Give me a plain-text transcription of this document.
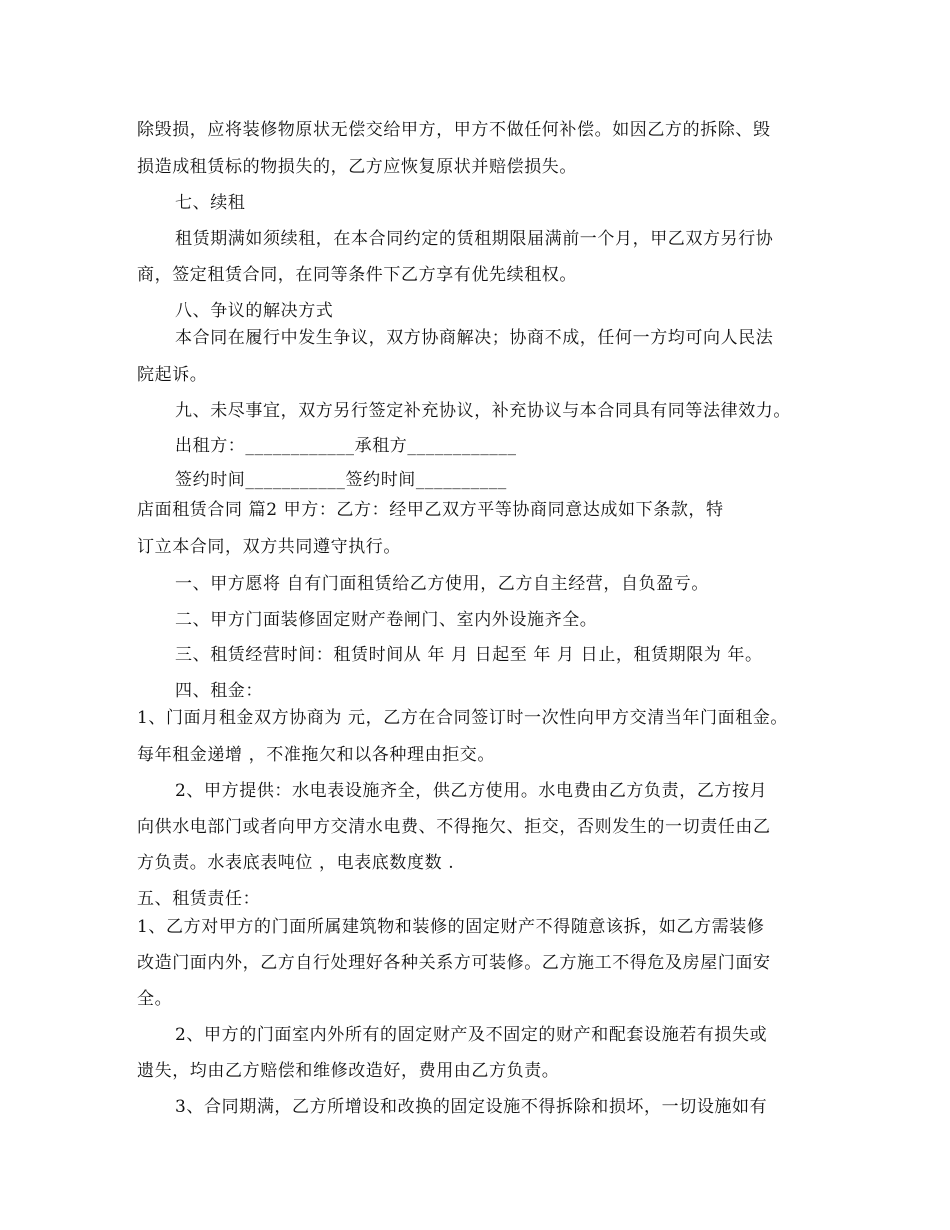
除毁损，应将装修物原状无偿交给甲方，甲方不做任何补偿。如因乙方的拆除、毁
损造成租赁标的物损失的，乙方应恢复原状并赔偿损失。
七、续租
租赁期满如须续租，在本合同约定的赁租期限届满前一个月，甲乙双方另行协
商，签定租赁合同，在同等条件下乙方享有优先续租权。
八、争议的解决方式
本合同在履行中发生争议，双方协商解决；协商不成，任何一方均可向人民法
院起诉。
九、未尽事宜，双方另行签定补充协议，补充协议与本合同具有同等法律效力。
出租方：____________承租方____________
签约时间___________签约时间__________
店面租赁合同 篇2 甲方：乙方：经甲乙双方平等协商同意达成如下条款，特
订立本合同，双方共同遵守执行。
一、甲方愿将 自有门面租赁给乙方使用，乙方自主经营，自负盈亏。
二、甲方门面装修固定财产卷闸门、室内外设施齐全。
三、租赁经营时间：租赁时间从 年 月 日起至 年 月 日止，租赁期限为 年。
四、租金：
1、门面月租金双方协商为 元，乙方在合同签订时一次性向甲方交清当年门面租金。
每年租金递增 ，不准拖欠和以各种理由拒交。
2、甲方提供：水电表设施齐全，供乙方使用。水电费由乙方负责，乙方按月
向供水电部门或者向甲方交清水电费、不得拖欠、拒交，否则发生的一切责任由乙
方负责。水表底表吨位 ，电表底数度数 .
五、租赁责任：
1、乙方对甲方的门面所属建筑物和装修的固定财产不得随意该拆，如乙方需装修
改造门面内外，乙方自行处理好各种关系方可装修。乙方施工不得危及房屋门面安
全。
2、甲方的门面室内外所有的固定财产及不固定的财产和配套设施若有损失或
遗失，均由乙方赔偿和维修改造好，费用由乙方负责。
3、合同期满，乙方所增设和改换的固定设施不得拆除和损坏，一切设施如有
